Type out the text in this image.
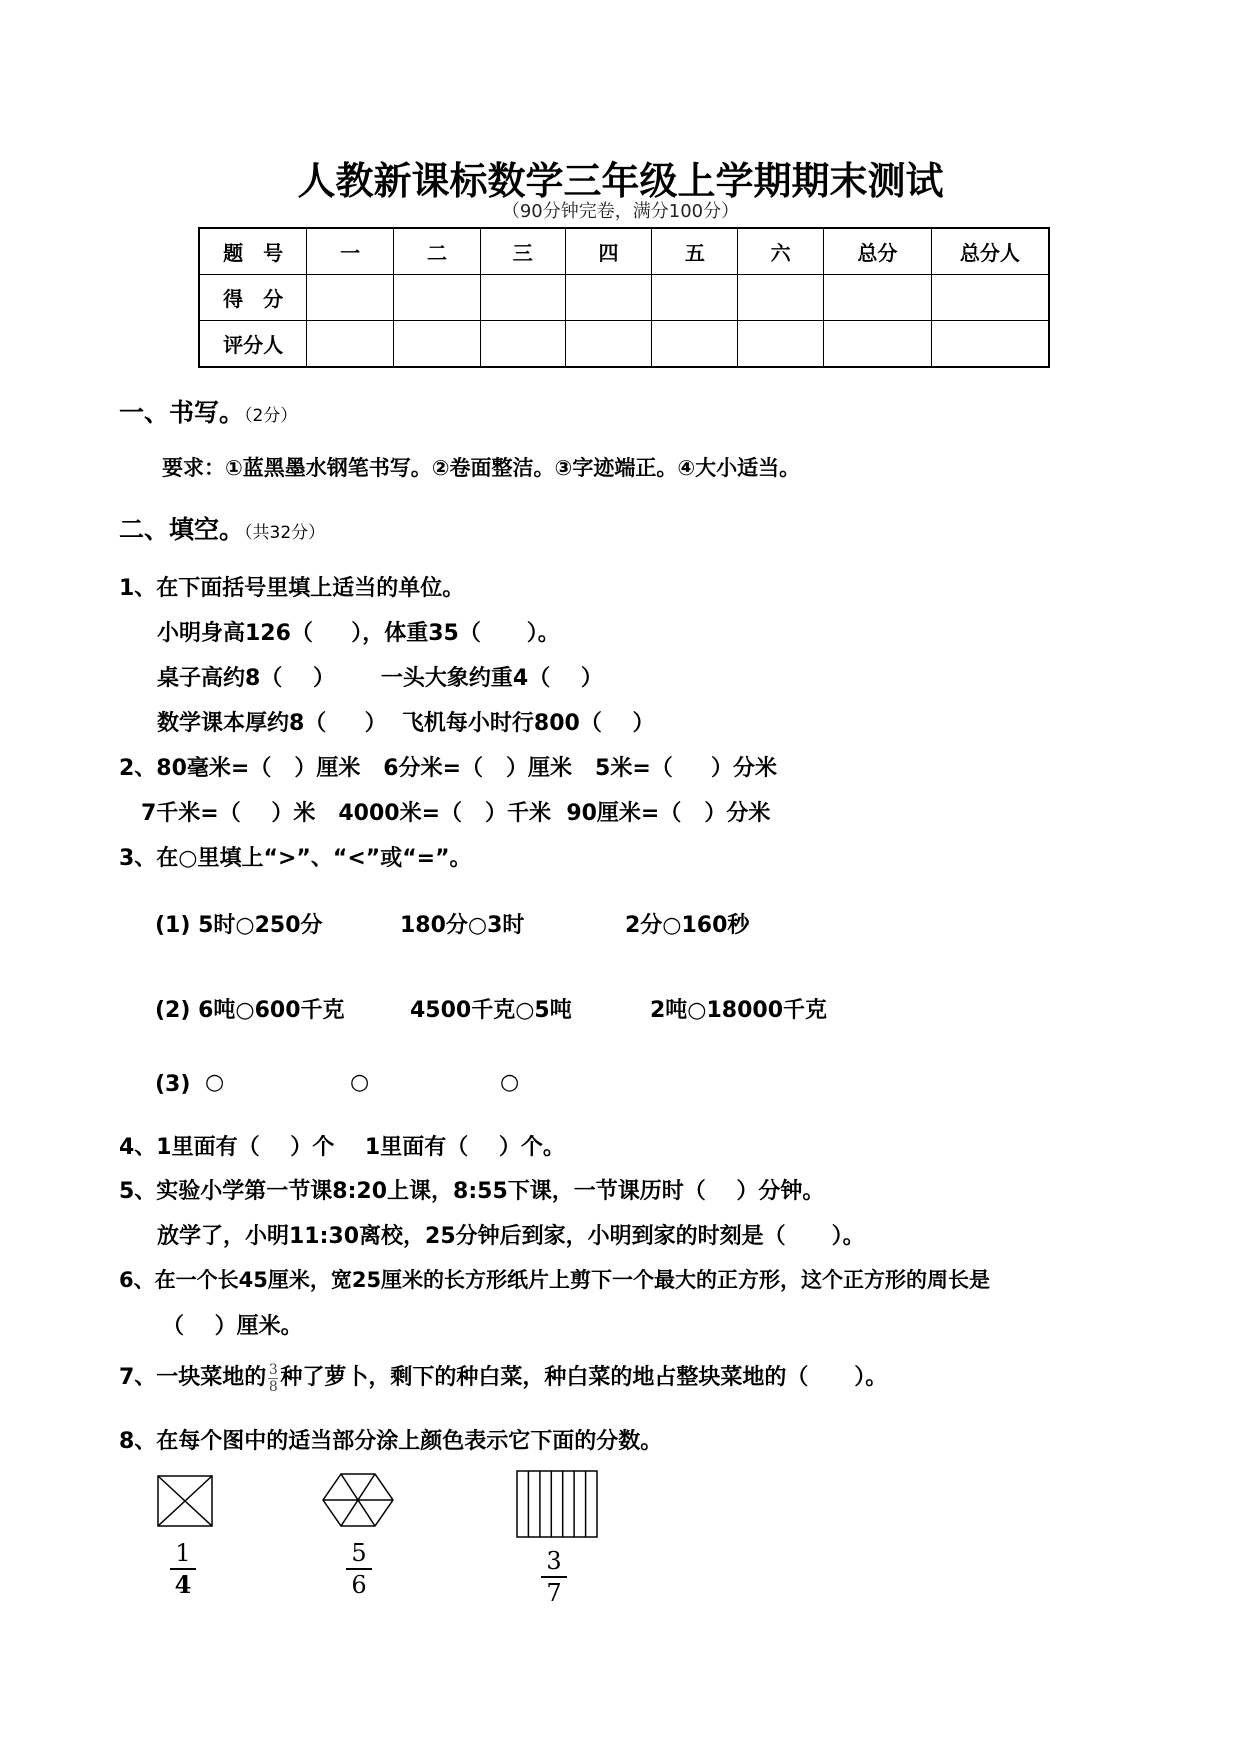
人教新课标数学三年级上学期期末测试
（90分钟完卷，满分100分）
题　号	一	二	三	四	五	六	总分	总分人
得　分								
评分人								
一、书写。（2分）
要求：①蓝黑墨水钢笔书写。②卷面整洁。③字迹端正。④大小适当。
二、填空。（共32分）
1、在下面括号里填上适当的单位。
小明身高126（     ），体重35（      ）。
桌子高约8（    ）      一头大象约重4（    ）
数学课本厚约8（     ）  飞机每小时行800（    ）
2、80毫米=（   ）厘米   6分米=（   ）厘米   5米=（     ）分米
7千米=（    ）米   4000米=（   ）千米  90厘米=（   ）分米
3、在○里填上“>”、“<”或“=”。
(1) 5时○250分	180分○3时	2分○160秒
(2) 6吨○600千克	4500千克○5吨	2吨○18000千克
(3) ○	○	○
4、1里面有（    ）个    1里面有（    ）个。
5、实验小学第一节课8:20上课，8:55下课，一节课历时（    ）分钟。
放学了，小明11:30离校，25分钟后到家，小明到家的时刻是（      ）。
6、在一个长45厘米，宽25厘米的长方形纸片上剪下一个最大的正方形，这个正方形的周长是
（    ）厘米。
7、一块菜地的 $\frac{3}{8}$ 种了萝卜，剩下的种白菜，种白菜的地占整块菜地的（      ）。
8、在每个图中的适当部分涂上颜色表示它下面的分数。
1
4
5
6
3
7
